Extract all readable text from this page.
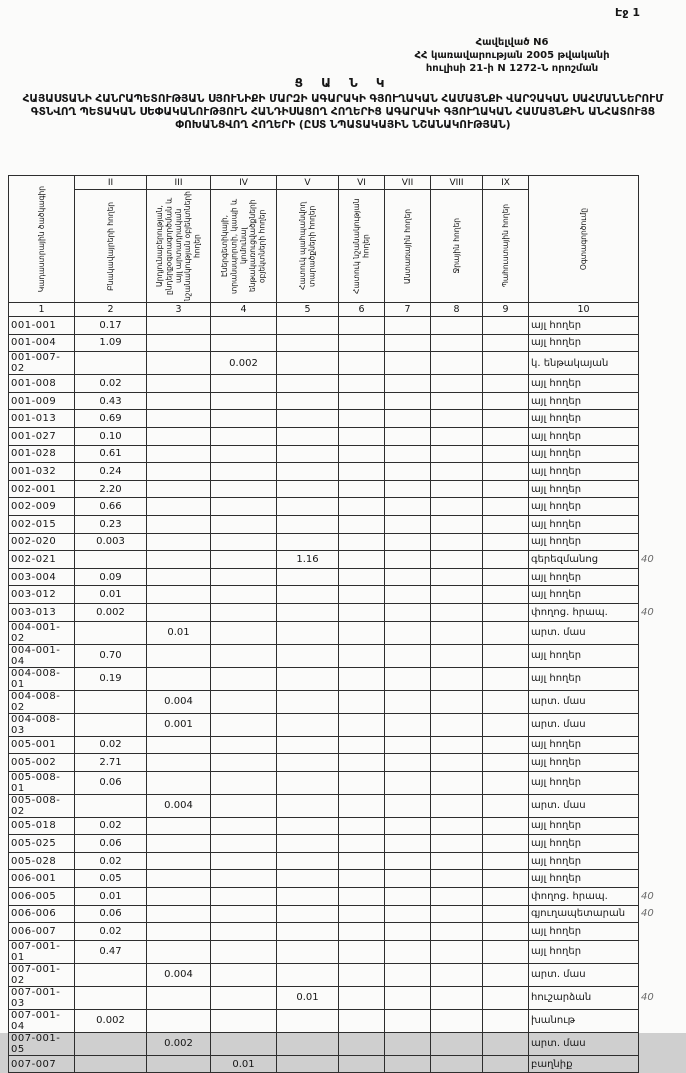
Էջ 1
Հավելված N6
ՀՀ կառավարության 2005 թվականի
հուլիսի 21-ի N 1272-Ն որոշման
Ց Ա Ն Կ
ՀԱՅԱՍՏԱՆԻ ՀԱՆՐԱՊԵՏՈՒԹՅԱՆ ՍՅՈՒՆԻՔԻ ՄԱՐԶԻ ԱԳԱՐԱԿԻ ԳՅՈՒՂԱԿԱՆ ՀԱՄԱՅՆՔԻ ՎԱՐՉԱԿԱՆ ՍԱՀՄԱՆՆԵՐՈՒՄ ԳՏՆՎՈՂ ՊԵՏԱԿԱՆ ՍԵՓԱԿԱՆՈՒԹՅՈՒՆ ՀԱՆԴԻՍԱՑՈՂ ՀՈՂԵՐԻՑ ԱԳԱՐԱԿԻ ԳՅՈՒՂԱԿԱՆ ՀԱՄԱՅՆՔԻՆ ԱՆՀԱՏՈՒՅՑ ՓՈԽԱՆՑՎՈՂ ՀՈՂԵՐԻ (ԸՍՏ ՆՊԱՏԱԿԱՅԻՆ ՆՇԱՆԱԿՈՒԹՅԱՆ)
Կադաստրային ծածկագիր	II	III	IV	V	VI	VII	VIII	IX	Օգտագործումը	

	Բնակավայրերի հողեր	Արդյունաբերության, ընդերքօգտագործման և այլ արտադրական նշանակության օբյեկտների հողեր	Էներգետիկայի, տրանսպորտի, կապի և կոմունալ ենթակառուցվածքների օբյեկտների հողեր	Հատուկ պահպանվող տարածքների հողեր	Հատուկ նշանակության հողեր	Անտառային հողեր	Ջրային հողեր	Պահուստային հողեր		

1	2	3	4	5	6	7	8	9	10	
001-001	0.17								այլ հողեր	
001-004	1.09								այլ հողեր	
001-007-02			0.002						կ. ենթակայան	
001-008	0.02								այլ հողեր	
001-009	0.43								այլ հողեր	
001-013	0.69								այլ հողեր	
001-027	0.10								այլ հողեր	
001-028	0.61								այլ հողեր	
001-032	0.24								այլ հողեր	
002-001	2.20								այլ հողեր	
002-009	0.66								այլ հողեր	
002-015	0.23								այլ հողեր	
002-020	0.003								այլ հողեր	
002-021				1.16					գերեզմանոց	40
003-004	0.09								այլ հողեր	
003-012	0.01								այլ հողեր	
003-013	0.002								փողոց. հրապ.	40
004-001-02		0.01							արտ. մաս	
004-001-04	0.70								այլ հողեր	
004-008-01	0.19								այլ հողեր	
004-008-02		0.004							արտ. մաս	
004-008-03		0.001							արտ. մաս	
005-001	0.02								այլ հողեր	
005-002	2.71								այլ հողեր	
005-008-01	0.06								այլ հողեր	
005-008-02		0.004							արտ. մաս	
005-018	0.02								այլ հողեր	
005-025	0.06								այլ հողեր	
005-028	0.02								այլ հողեր	
006-001	0.05								այլ հողեր	
006-005	0.01								փողոց. հրապ.	40
006-006	0.06								գյուղապետարան	40
006-007	0.02								այլ հողեր	
007-001-01	0.47								այլ հողեր	
007-001-02		0.004							արտ. մաս	
007-001-03				0.01					հուշարձան	40
007-001-04	0.002								խանութ	
007-001-05		0.002							արտ. մաս	
007-007			0.01						բաղնիք	
